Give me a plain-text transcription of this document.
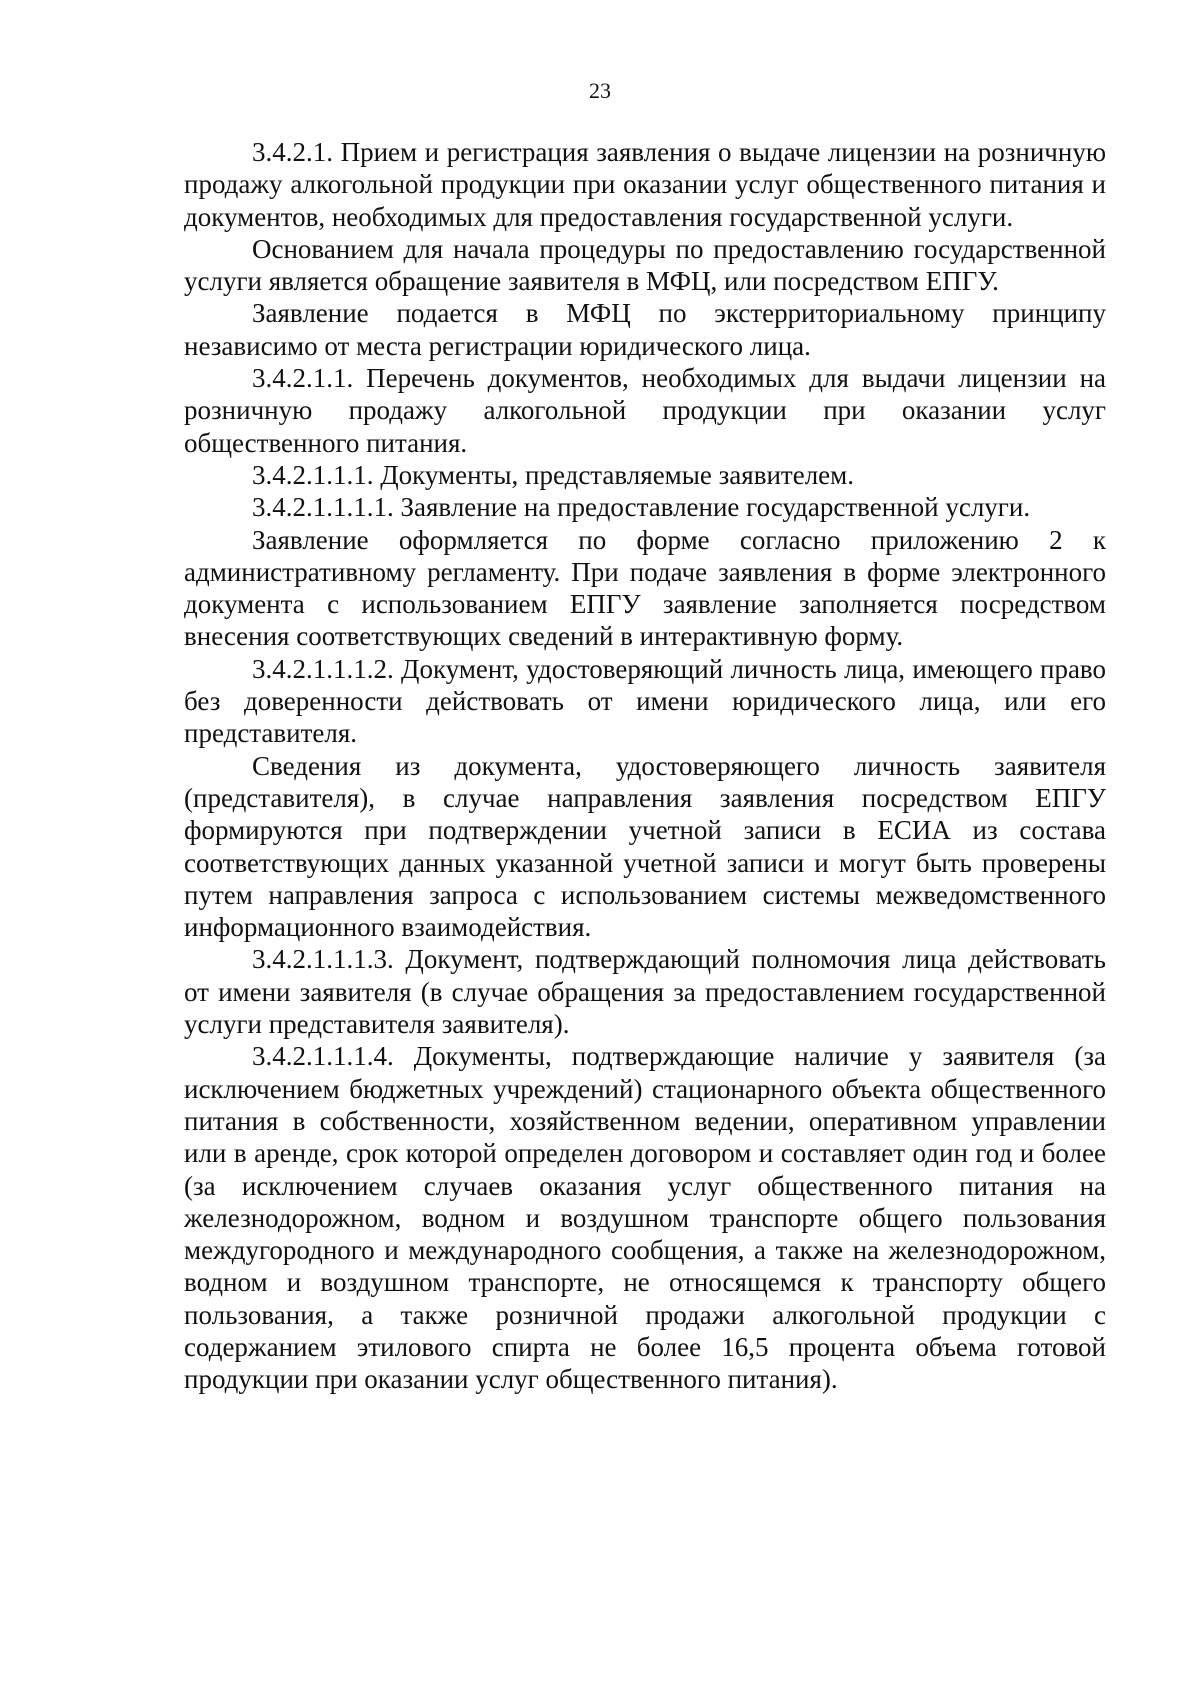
23

3.4.2.1. Прием и регистрация заявления о выдаче лицензии на розничную продажу алкогольной продукции при оказании услуг общественного питания и документов, необходимых для предоставления государственной услуги.

Основанием для начала процедуры по предоставлению государственной услуги является обращение заявителя в МФЦ, или посредством ЕПГУ.

Заявление подается в МФЦ по экстерриториальному принципу независимо от места регистрации юридического лица.

3.4.2.1.1. Перечень документов, необходимых для выдачи лицензии на розничную продажу алкогольной продукции при оказании услуг общественного питания.

3.4.2.1.1.1. Документы, представляемые заявителем.

3.4.2.1.1.1.1. Заявление на предоставление государственной услуги.

Заявление оформляется по форме согласно приложению 2 к административному регламенту. При подаче заявления в форме электронного документа с использованием ЕПГУ заявление заполняется посредством внесения соответствующих сведений в интерактивную форму.

3.4.2.1.1.1.2. Документ, удостоверяющий личность лица, имеющего право без доверенности действовать от имени юридического лица, или его представителя.

Сведения из документа, удостоверяющего личность заявителя (представителя), в случае направления заявления посредством ЕПГУ формируются при подтверждении учетной записи в ЕСИА из состава соответствующих данных указанной учетной записи и могут быть проверены путем направления запроса с использованием системы межведомственного информационного взаимодействия.

3.4.2.1.1.1.3. Документ, подтверждающий полномочия лица действовать от имени заявителя (в случае обращения за предоставлением государственной услуги представителя заявителя).

3.4.2.1.1.1.4. Документы, подтверждающие наличие у заявителя (за исключением бюджетных учреждений) стационарного объекта общественного питания в собственности, хозяйственном ведении, оперативном управлении или в аренде, срок которой определен договором и составляет один год и более (за исключением случаев оказания услуг общественного питания на железнодорожном, водном и воздушном транспорте общего пользования междугородного и международного сообщения, а также на железнодорожном, водном и воздушном транспорте, не относящемся к транспорту общего пользования, а также розничной продажи алкогольной продукции с содержанием этилового спирта не более 16,5 процента объема готовой продукции при оказании услуг общественного питания).
